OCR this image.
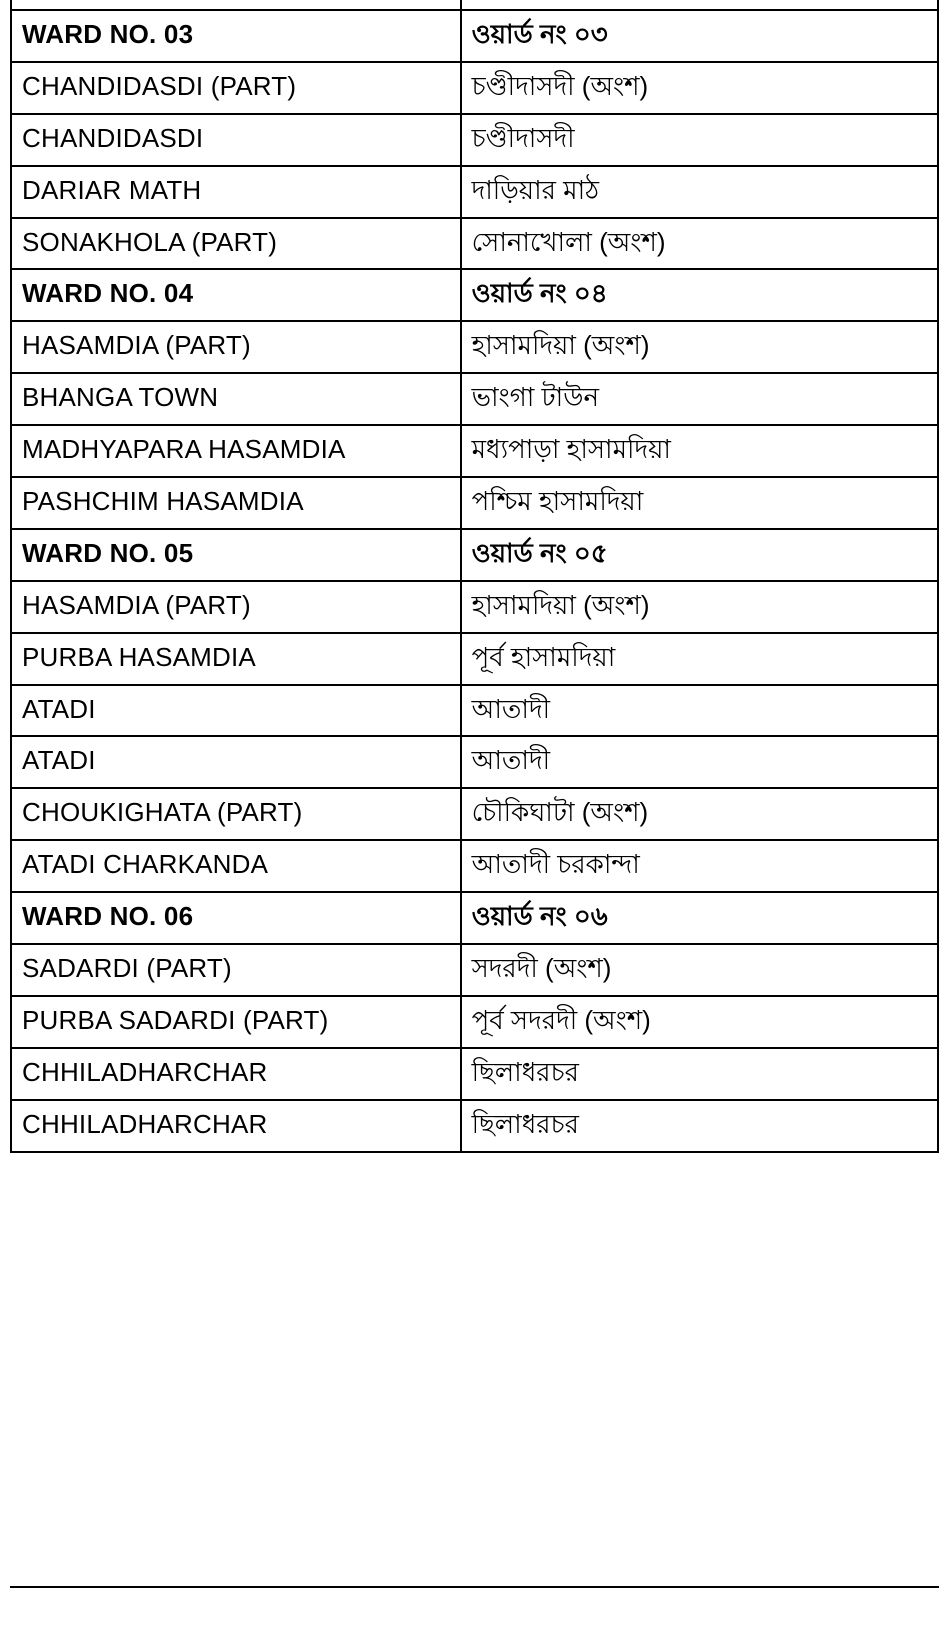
WARD NO. 03	ওয়ার্ড নং ০৩
CHANDIDASDI (PART)	চণ্ডীদাসদী (অংশ)
CHANDIDASDI	চণ্ডীদাসদী
DARIAR MATH	দাড়িয়ার মাঠ
SONAKHOLA (PART)	সোনাখোলা (অংশ)
WARD NO. 04	ওয়ার্ড নং ০৪
HASAMDIA (PART)	হাসামদিয়া (অংশ)
BHANGA TOWN	ভাংগা টাউন
MADHYAPARA HASAMDIA	মধ্যপাড়া হাসামদিয়া
PASHCHIM HASAMDIA	পশ্চিম হাসামদিয়া
WARD NO. 05	ওয়ার্ড নং ০৫
HASAMDIA (PART)	হাসামদিয়া (অংশ)
PURBA HASAMDIA	পূর্ব হাসামদিয়া
ATADI	আতাদী
ATADI	আতাদী
CHOUKIGHATA (PART)	চৌকিঘাটা (অংশ)
ATADI CHARKANDA	আতাদী চরকান্দা
WARD NO. 06	ওয়ার্ড নং ০৬
SADARDI (PART)	সদরদী (অংশ)
PURBA SADARDI (PART)	পূর্ব সদরদী (অংশ)
CHHILADHARCHAR	ছিলাধরচর
CHHILADHARCHAR	ছিলাধরচর
